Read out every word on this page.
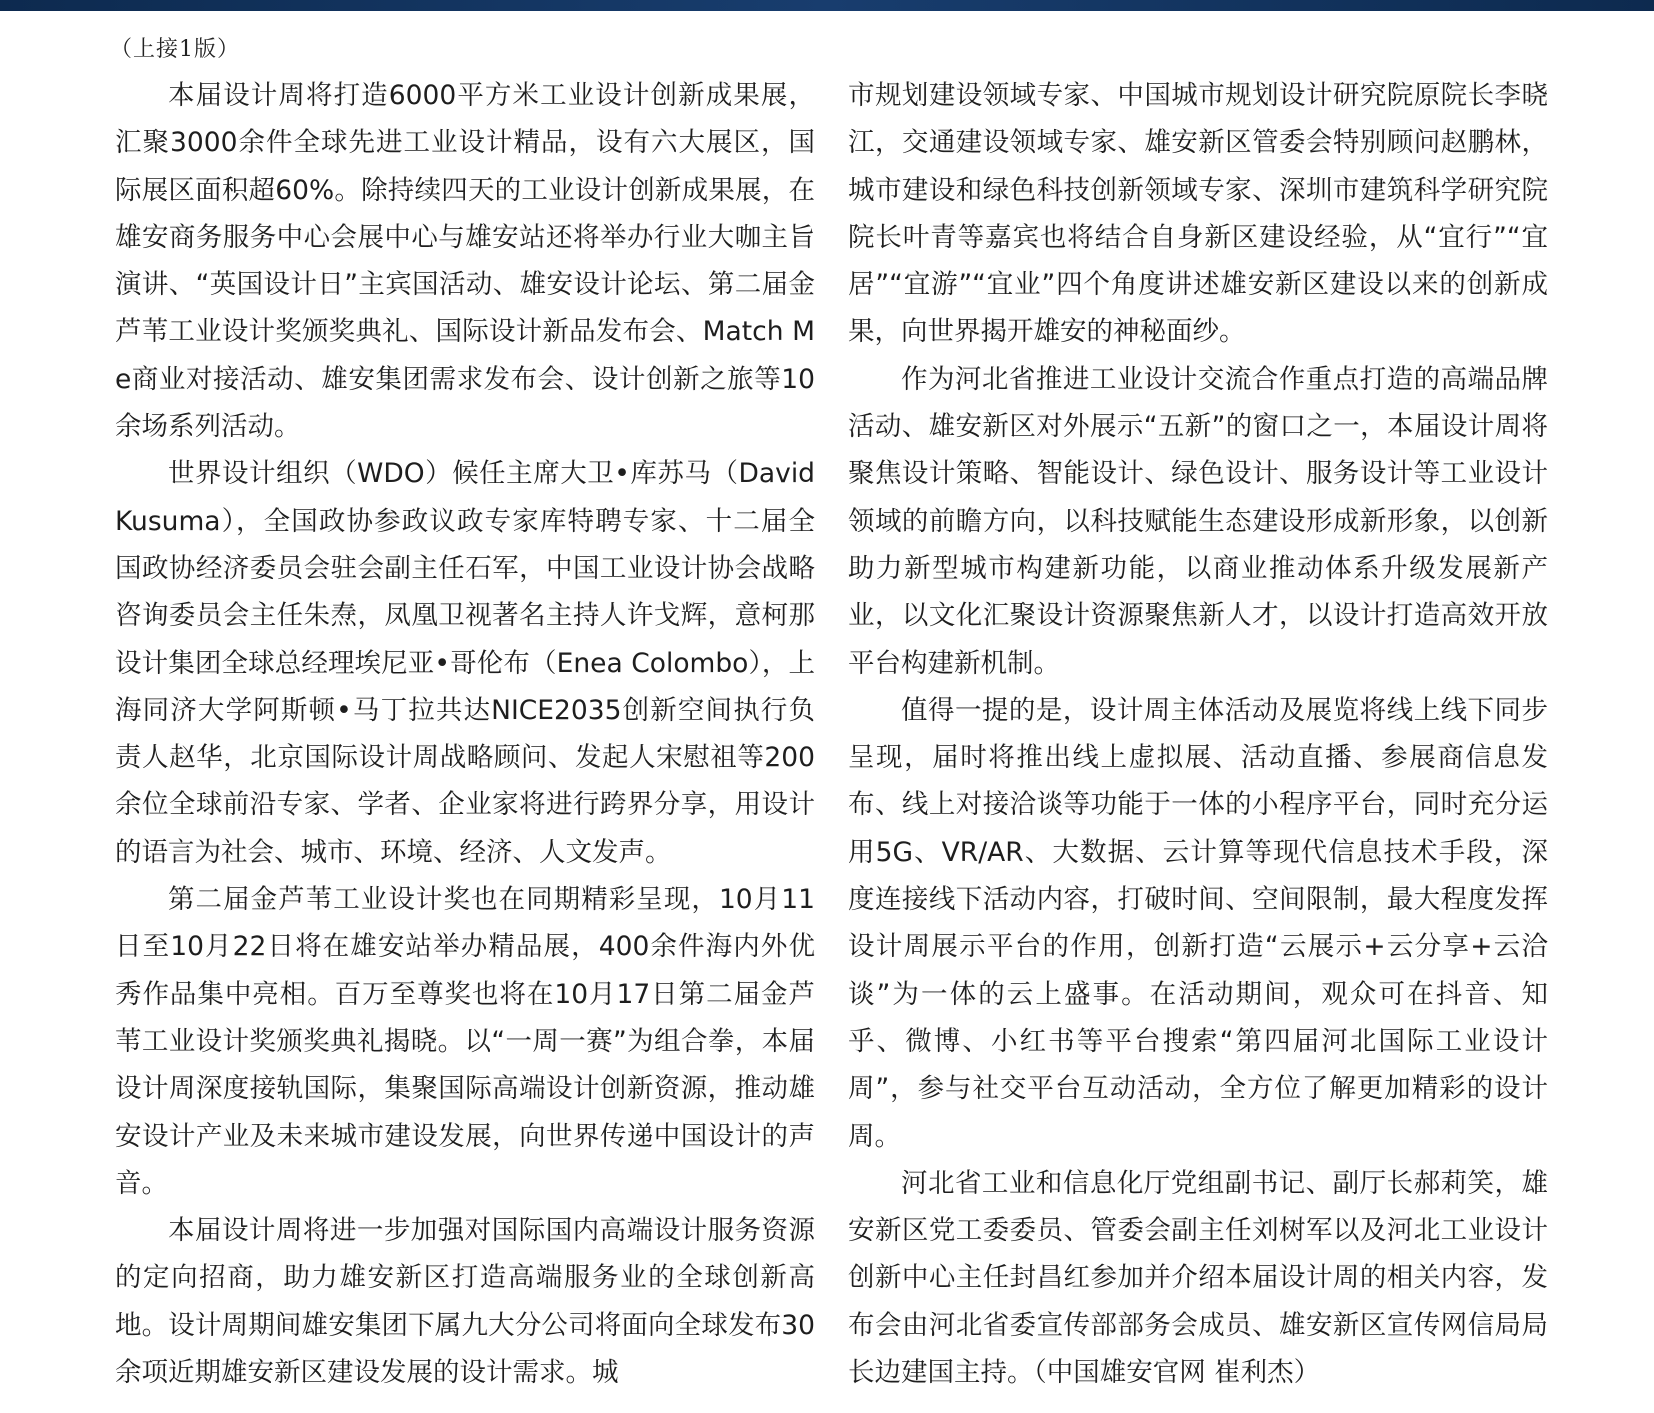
（上接1版）

本届设计周将打造6000平方米工业设计创新成果展，汇聚3000余件全球先进工业设计精品，设有六大展区，国际展区面积超60%。除持续四天的工业设计创新成果展，在雄安商务服务中心会展中心与雄安站还将举办行业大咖主旨演讲、“英国设计日”主宾国活动、雄安设计论坛、第二届金芦苇工业设计奖颁奖典礼、国际设计新品发布会、Match Me商业对接活动、雄安集团需求发布会、设计创新之旅等10余场系列活动。

世界设计组织（WDO）候任主席大卫•库苏马（David Kusuma），全国政协参政议政专家库特聘专家、十二届全国政协经济委员会驻会副主任石军，中国工业设计协会战略咨询委员会主任朱焘，凤凰卫视著名主持人许戈辉，意柯那设计集团全球总经理埃尼亚•哥伦布（Enea Colombo），上海同济大学阿斯顿•马丁拉共达NICE2035创新空间执行负责人赵华，北京国际设计周战略顾问、发起人宋慰祖等200余位全球前沿专家、学者、企业家将进行跨界分享，用设计的语言为社会、城市、环境、经济、人文发声。

第二届金芦苇工业设计奖也在同期精彩呈现，10月11日至10月22日将在雄安站举办精品展，400余件海内外优秀作品集中亮相。百万至尊奖也将在10月17日第二届金芦苇工业设计奖颁奖典礼揭晓。以“一周一赛”为组合拳，本届设计周深度接轨国际，集聚国际高端设计创新资源，推动雄安设计产业及未来城市建设发展，向世界传递中国设计的声音。

本届设计周将进一步加强对国际国内高端设计服务资源的定向招商，助力雄安新区打造高端服务业的全球创新高地。设计周期间雄安集团下属九大分公司将面向全球发布30余项近期雄安新区建设发展的设计需求。城

市规划建设领域专家、中国城市规划设计研究院原院长李晓江，交通建设领域专家、雄安新区管委会特别顾问赵鹏林，城市建设和绿色科技创新领域专家、深圳市建筑科学研究院院长叶青等嘉宾也将结合自身新区建设经验，从“宜行”“宜居”“宜游”“宜业”四个角度讲述雄安新区建设以来的创新成果，向世界揭开雄安的神秘面纱。

作为河北省推进工业设计交流合作重点打造的高端品牌活动、雄安新区对外展示“五新”的窗口之一，本届设计周将聚焦设计策略、智能设计、绿色设计、服务设计等工业设计领域的前瞻方向，以科技赋能生态建设形成新形象，以创新助力新型城市构建新功能，以商业推动体系升级发展新产业，以文化汇聚设计资源聚焦新人才，以设计打造高效开放平台构建新机制。

值得一提的是，设计周主体活动及展览将线上线下同步呈现，届时将推出线上虚拟展、活动直播、参展商信息发布、线上对接洽谈等功能于一体的小程序平台，同时充分运用5G、VR/AR、大数据、云计算等现代信息技术手段，深度连接线下活动内容，打破时间、空间限制，最大程度发挥设计周展示平台的作用，创新打造“云展示+云分享+云洽谈”为一体的云上盛事。在活动期间，观众可在抖音、知乎、微博、小红书等平台搜索“第四届河北国际工业设计周”，参与社交平台互动活动，全方位了解更加精彩的设计周。

河北省工业和信息化厅党组副书记、副厅长郝莉笑，雄安新区党工委委员、管委会副主任刘树军以及河北工业设计创新中心主任封昌红参加并介绍本届设计周的相关内容，发布会由河北省委宣传部部务会成员、雄安新区宣传网信局局长边建国主持。（中国雄安官网 崔利杰）
